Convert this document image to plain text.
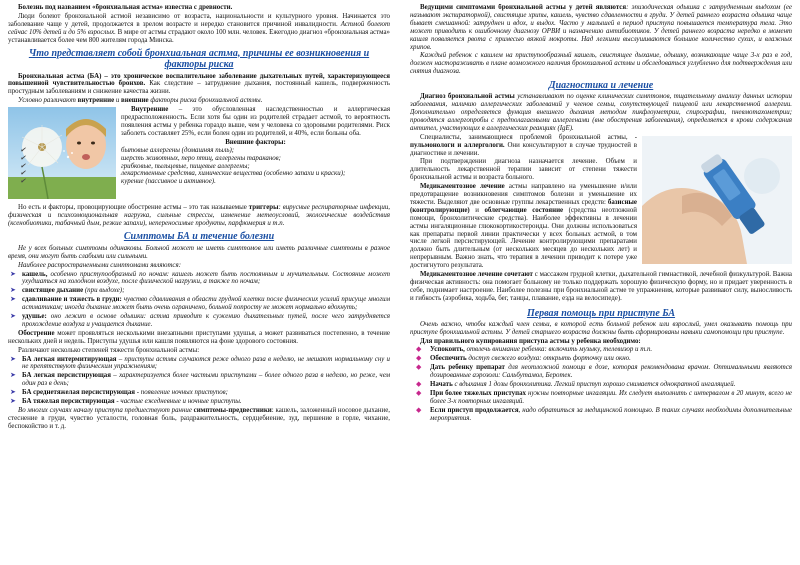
Болезнь под названием «бронхиальная астма» известна с древности.

Люди болеют бронхиальной астмой независимо от возраста, национальности и культурного уровня. Начинается это заболевание чаще у детей, продолжается в зрелом возрасте и нередко становится причиной инвалидности. Астмой болеют сейчас 10% детей и до 5% взрослых. В мире от астмы страдают около 100 млн. человек. Ежегодно диагноз «бронхиальная астма» устанавливается более чем 800 жителям города Минска.

Что представляет собой бронхиальная астма, причины ее возникновения и факторы риска

Бронхиальная астма (БА) – это хроническое воспалительное заболевание дыхательных путей, характеризующееся повышенной чувствительностью бронхов. Как следствие – затруднение дыхания, постоянный кашель, подверженность простудным заболеваниям и снижение качества жизни.

Условно различают внутренние и внешние факторы риска бронхиальной астмы.

Внутренние – это обусловленная наследственностью и аллергическая предрасположенность. Если хотя бы один из родителей страдает астмой, то вероятность появления астмы у ребенка гораздо выше, чем у человека со здоровыми родителями. Риск заболеть составляет 25%, если болен один из родителей, и 40%, если больны оба.

Внешние факторы:
✔	бытовые аллергены (домашняя пыль);
✔	шерсть животных, перо птиц, аллергены тараканов;
✔	грибковые, пыльцевые, пищевые аллергены;
✔	лекарственные средства, химические вещества (особенно запахи и краски);
✔	курение (пассивное и активное).

Но есть и факторы, провоцирующие обострение астмы – это так называемые триггеры: вирусные респираторные инфекции, физическая и психоэмоциональная нагрузка, сильные стрессы, изменение метеоусловий, экологические воздействия (ксенобиотики, табачный дым, резкие запахи), непереносимые продукты, парфюмерия и т.п.

Симптомы БА и течение болезни

Не у всех больных симптомы одинаковы. Больной может не иметь симптомов или иметь различные симптомы в разное время, они могут быть слабыми или сильными.

Наиболее распространенными симптомами являются:

➤ кашель, особенно приступообразный по ночам: кашель может быть постоянным и мучительным. Состояние может ухудшаться на холодном воздухе, после физической нагрузки, а также по ночам;
➤ свистящее дыхание (при выдохе);
➤ сдавливание и тяжесть в груди: чувство сдавливания в области грудной клетки после физических усилий присуще многим астматикам; иногда дыхание может быть очень ограничено, больной попросту не может нормально вдохнуть;
➤ удушье: оно лежит в основе одышки: астма приводит к сужению дыхательных путей, после чего затрудняется прохождение воздуха и учащается дыхание.

Обострение может проявляться несколькими внезапными приступами удушья, а может развиваться постепенно, в течение нескольких дней и недель. Приступы удушья или кашля появляются на фоне здорового состояния.

Различают несколько степеней тяжести бронхиальной астмы:

➤ БА легкая интермитирующая – приступы астмы случаются реже одного раза в неделю, не мешают нормальному сну и не препятствуют физическим упражнениям;
➤ БА легкая персистирующая – характеризуется более частыми приступами – более одного раза в неделю, но реже, чем один раз в день;
➤ БА среднетяжелая персистирующая - появление ночных приступов;
➤ БА тяжелая персистирующая - частые ежедневные и ночные приступы.

Во многих случаях началу приступа предшествуют ранние симптомы-предвестники: кашель, заложенный носовое дыхание, стеснение в груди, чувство усталости, головная боль, раздражительность, сердцебиение, зуд, першение в горле, чихание, беспокойство и т. д.

Ведущими симптомами бронхиальной астмы у детей являются: эпизодическая одышка с затрудненным выдохом (ее называют экспираторной), свистящие хрипы, кашель, чувство сдавленности в груди. У детей раннего возраста одышка чаще бывает смешанной: затруднен и вдох, и выдох. Часто у малышей в период приступа повышается температура тела. Это может приводить к ошибочному диагнозу ОРВИ и назначению антибиотиков. У детей раннего возраста нередко в момент кашля появляется рвота с примесью вязкой мокроты. Над легкими выслушиваются большое количество сухих, и влажных хрипов.

Каждый ребенок с кашлем на приступообразный кашель, свистящее дыхание, одышку, возникающие чаще 3-х раз в год, должен настораживать в плане возможного наличия бронхиальной астмы и обследоваться углубленно для подтверждения или снятия диагноза.

Диагностика и лечение

Диагноз бронхиальной астмы устанавливают по оценке клинических симптомов, тщательному анализу данных истории заболевания, наличию аллергических заболеваний у членов семьи, сопутствующей пищевой или лекарственной аллергии. Дополнительно определяется функция внешнего дыхания методом пикфлоуметрии, спирографии, пневмотахометрии; проводятся аллергопробы с предполагаемыми аллергенами (вне обострения заболевания), определяется в крови содержания антител, участвующих в аллергических реакциях (IgE).

Специалисты, занимающиеся проблемой бронхиальной астмы, - пульмонологи и аллергологи. Они консультируют в случае трудностей в диагностике и лечении.

При подтверждении диагноза назначается лечение. Объем и длительность лекарственной терапии зависит от степени тяжести бронхиальной астмы и возраста больного.

Медикаментозное лечение астмы направлено на уменьшение и/или предотвращение возникновения симптомов болезни и уменьшение их тяжести. Выделяют две основные группы лекарственных средств: базисные (контролирующие) и облегчающие состояние (средства неотложной помощи, бронхолитические средства). Наиболее эффективны в лечении астмы ингаляционные глюкокортикостероиды. Они должны использоваться как препараты первой линии практически у всех больных астмой, в том числе легкой персистирующей. Лечение контролирующими препаратами должно быть длительным (от нескольких месяцев до нескольких лет) и непрерывным. Важно знать, что терапия в лечении приводит к потере уже достигнутого результата.

Медикаментозное лечение сочетают с массажем грудной клетки, дыхательной гимнастикой, лечебной физкультурой. Важна физическая активность: она помогает больному не только поддержать хорошую физическую форму, но и придает уверенность в себе, поднимает настроение. Наиболее полезны при бронхиальной астме те упражнения, которые развивают силу, выносливость и гибкость (аэробика, ходьба, бег, танцы, плавание, езда на велосипеде).

Первая помощь при приступе БА

Очень важно, чтобы каждый член семьи, в которой есть больной ребенок или взрослый, умел оказывать помощь при приступе бронхиальной астмы. У детей старшего возраста должны быть сформированы навыки самопомощи при приступе.

Для правильного купирования приступа астмы у ребенка необходимо:

◆ Успокоить, отвлечь внимание ребенка: включить музыку, телевизор и т.п.
◆ Обеспечить доступ свежего воздуха: открыть форточку или окно.
◆ Дать ребенку препарат для неотложной помощи в дозе, которая рекомендована врачом. Оптимальными являются дозированные аэрозоли: Сальбутамол, Беротек.
◆ Начать с вдыхания 1 дозы бронхолитика. Легкий приступ хорошо снимается однократной ингаляцией.
◆ При более тяжелых приступах нужны повторные ингаляции. Их следует выполнить с интервалом в 20 минут, всего не более 3-х повторных ингаляций.
◆ Если приступ продолжается, надо обратиться за медицинской помощью. В таких случаях необходимы дополнительные мероприятия.
